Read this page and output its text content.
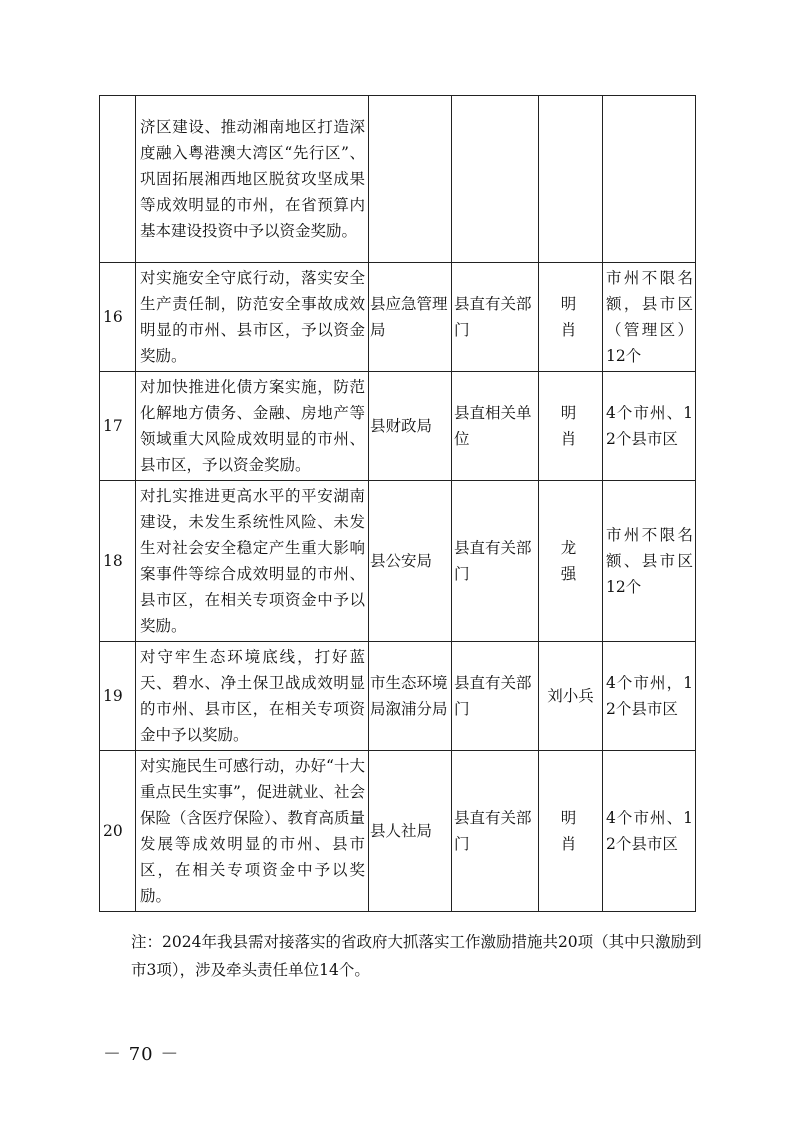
	济区建设、推动湘南地区打造深度融入粤港澳大湾区“先行区”、巩固拓展湘西地区脱贫攻坚成果等成效明显的市州，在省预算内基本建设投资中予以资金奖励。				
16	对实施安全守底行动，落实安全生产责任制，防范安全事故成效明显的市州、县市区，予以资金奖励。	县应急管理局	县直有关部门	明肖	市州不限名额，县市区（管理区）12个
17	对加快推进化债方案实施，防范化解地方债务、金融、房地产等领域重大风险成效明显的市州、县市区，予以资金奖励。	县财政局	县直相关单位	明肖	4个市州、12个县市区
18	对扎实推进更高水平的平安湖南建设，未发生系统性风险、未发生对社会安全稳定产生重大影响案事件等综合成效明显的市州、县市区，在相关专项资金中予以奖励。	县公安局	县直有关部门	龙强	市州不限名额、县市区12个
19	对守牢生态环境底线，打好蓝天、碧水、净土保卫战成效明显的市州、县市区，在相关专项资金中予以奖励。	市生态环境局溆浦分局	县直有关部门	刘小兵	4个市州，12个县市区
20	对实施民生可感行动，办好“十大重点民生实事”，促进就业、社会保险（含医疗保险）、教育高质量发展等成效明显的市州、县市区，在相关专项资金中予以奖励。	县人社局	县直有关部门	明肖	4个市州、12个县市区
注：2024年我县需对接落实的省政府大抓落实工作激励措施共20项（其中只激励到市3项），涉及牵头责任单位14个。
－ 70 －
